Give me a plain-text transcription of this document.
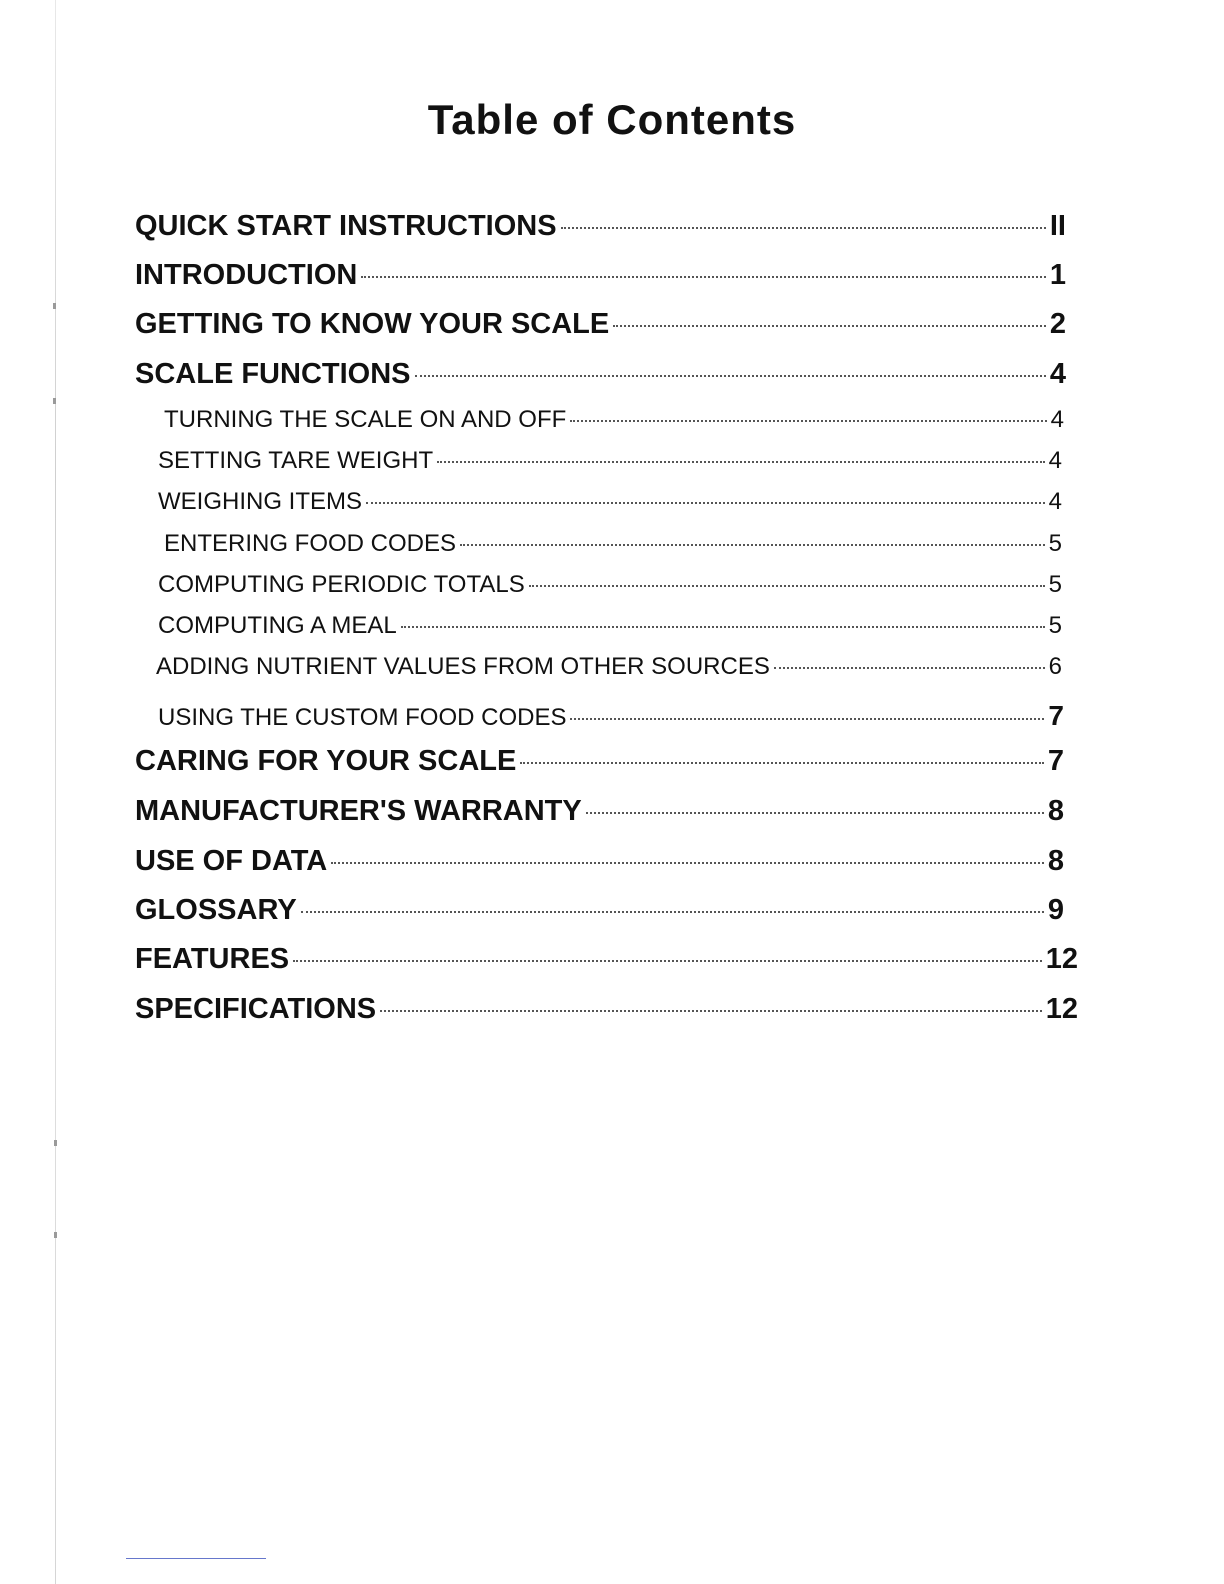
Table of Contents
QUICK START INSTRUCTIONS	II
INTRODUCTION	1
GETTING TO KNOW YOUR SCALE	2
SCALE FUNCTIONS	4
TURNING THE SCALE ON AND OFF	4
SETTING TARE WEIGHT	4
WEIGHING ITEMS	4
ENTERING FOOD CODES	5
COMPUTING PERIODIC TOTALS	5
COMPUTING A MEAL	5
ADDING NUTRIENT VALUES FROM OTHER SOURCES	6
USING THE CUSTOM FOOD CODES	7
CARING FOR YOUR SCALE	7
MANUFACTURER'S WARRANTY	8
USE OF DATA	8
GLOSSARY	9
FEATURES	12
SPECIFICATIONS	12
